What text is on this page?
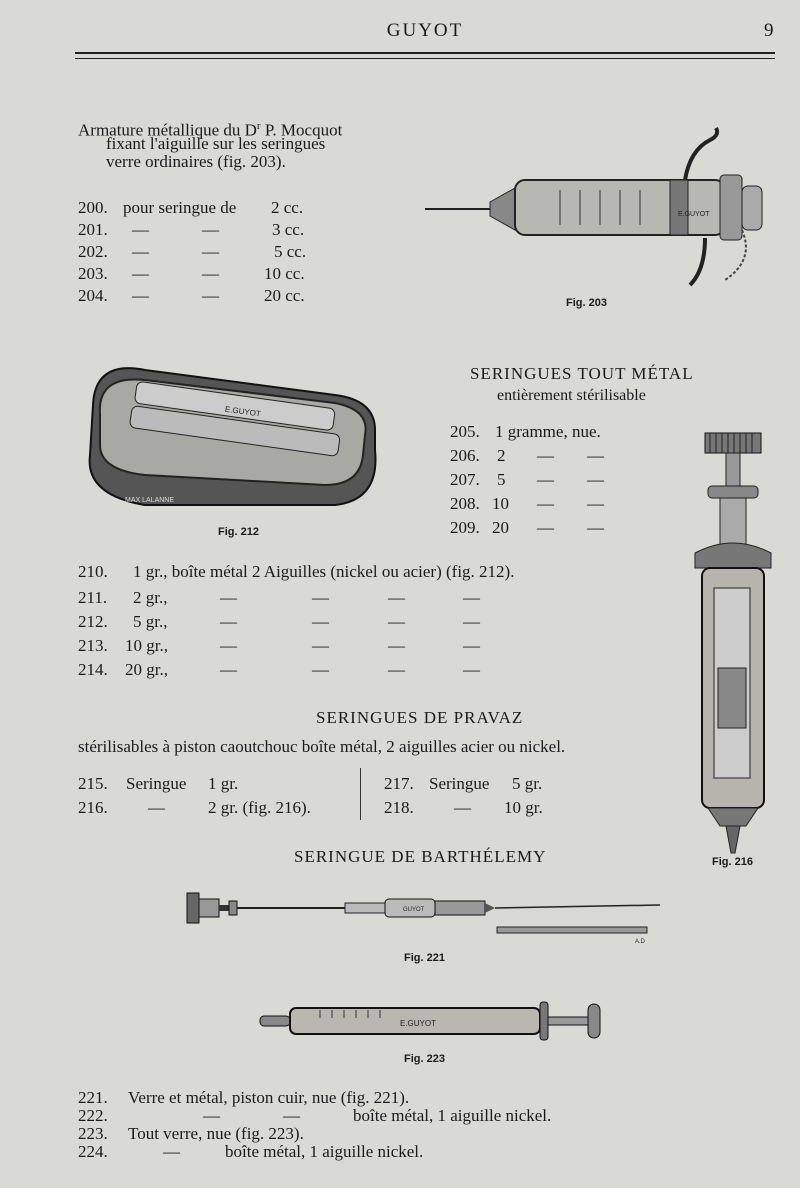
GUYOT	9
Armature métallique du $D^r$ P. Mocquot
fixant l'aiguille sur les seringues
verre ordinaires (fig. 203).
200. pour seringue de 2 cc.
201. —	—	3 cc.
202. —	—	5 cc.
203. —	—	10 cc.
204. —	—	20 cc.
E.GUYOT
Fig. 203
E.GUYOT
MAX LALANNE
Fig. 212
SERINGUES TOUT MÉTAL
entièrement stérilisable
205. 1 gramme, nue.
206. 2 — —
207. 5 — —
208. 10 — —
209. 20 — —
Fig. 216
210. 1 gr., boîte métal 2 Aiguilles (nickel ou acier) (fig. 212).
211. 2 gr.,	—	—	—	—
212. 5 gr.,	—	—	—	—
213. 10 gr.,	—	—	—	—
214. 20 gr.,	—	—	—	—
SERINGUES DE PRAVAZ
stérilisables à piston caoutchouc boîte métal, 2 aiguilles acier ou nickel.
215. Seringue 1 gr.
216. —	2 gr. (fig. 216).
217. Seringue 5 gr.
218. — 10 gr.
SERINGUE DE BARTHÉLEMY
GUYOT
A.D
Fig. 221
E.GUYOT
Fig. 223
221. Verre et métal, piston cuir, nue (fig. 221).
222.	—	—	boîte métal, 1 aiguille nickel.
223. Tout verre, nue (fig. 223).
224.	—	boîte métal, 1 aiguille nickel.
